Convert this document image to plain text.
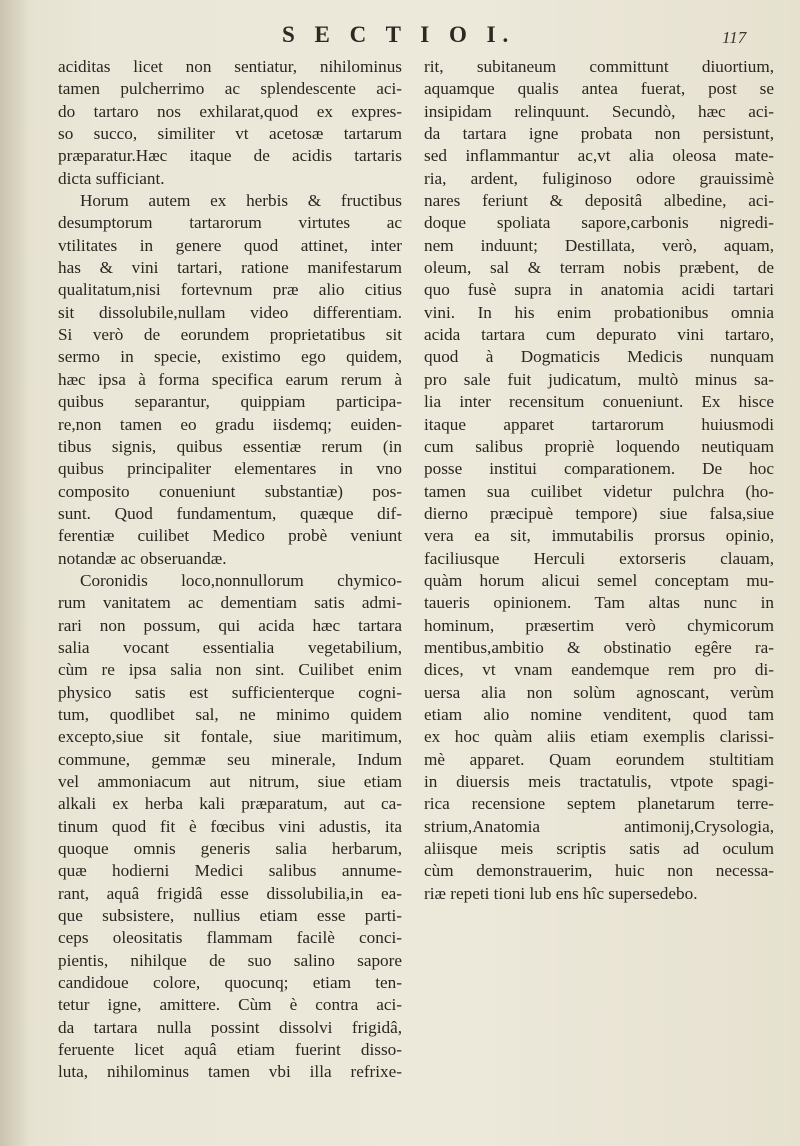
S E C T I O I.	117
aciditas licet non sentiatur, nihilominus
tamen pulcherrimo ac splendescente aci-
do tartaro nos exhilarat,quod ex expres-
so succo, similiter vt acetosæ tartarum
præparatur.Hæc itaque de acidis tartaris
dicta sufficiant.
Horum autem ex herbis & fructibus
desumptorum tartarorum virtutes ac
vtilitates in genere quod attinet, inter
has & vini tartari, ratione manifestarum
qualitatum,nisi fortevnum præ alio citius
sit dissolubile,nullam video differentiam.
Si verò de eorundem proprietatibus sit
sermo in specie, existimo ego quidem,
hæc ipsa à forma specifica earum rerum à
quibus separantur, quippiam participa-
re,non tamen eo gradu iisdemq; euiden-
tibus signis, quibus essentiæ rerum (in
quibus principaliter elementares in vno
composito conueniunt substantiæ) pos-
sunt. Quod fundamentum, quæque dif-
ferentiæ cuilibet Medico probè veniunt
notandæ ac obseruandæ.
Coronidis loco,nonnullorum chymico-
rum vanitatem ac dementiam satis admi-
rari non possum, qui acida hæc tartara
salia vocant essentialia vegetabilium,
cùm re ipsa salia non sint. Cuilibet enim
physico satis est sufficienterque cogni-
tum, quodlibet sal, ne minimo quidem
excepto,siue sit fontale, siue maritimum,
commune, gemmæ seu minerale, Indum
vel ammoniacum aut nitrum, siue etiam
alkali ex herba kali præparatum, aut ca-
tinum quod fit è fœcibus vini adustis, ita
quoque omnis generis salia herbarum,
quæ hodierni Medici salibus annume-
rant, aquâ frigidâ esse dissolubilia,in ea-
que subsistere, nullius etiam esse parti-
ceps oleositatis flammam facilè conci-
pientis, nihilque de suo salino sapore
candidoue colore, quocunq; etiam ten-
tetur igne, amittere. Cùm è contra aci-
da tartara nulla possint dissolvi frigidâ,
feruente licet aquâ etiam fuerint disso-
luta, nihilominus tamen vbi illa refrixe-
rit, subitaneum committunt diuortium,
aquamque qualis antea fuerat, post se
insipidam relinquunt. Secundò, hæc aci-
da tartara igne probata non persistunt,
sed inflammantur ac,vt alia oleosa mate-
ria, ardent, fuliginoso odore grauissimè
nares feriunt & depositâ albedine, aci-
doque spoliata sapore,carbonis nigredi-
nem induunt; Destillata, verò, aquam,
oleum, sal & terram nobis præbent, de
quo fusè supra in anatomia acidi tartari
vini. In his enim probationibus omnia
acida tartara cum depurato vini tartaro,
quod à Dogmaticis Medicis nunquam
pro sale fuit judicatum, multò minus sa-
lia inter recensitum conueniunt. Ex hisce
itaque apparet tartarorum huiusmodi
cum salibus propriè loquendo neutiquam
posse institui comparationem. De hoc
tamen sua cuilibet videtur pulchra (ho-
dierno præcipuè tempore) siue falsa,siue
vera ea sit, immutabilis prorsus opinio,
faciliusque Herculi extorseris clauam,
quàm horum alicui semel conceptam mu-
taueris opinionem. Tam altas nunc in
hominum, præsertim verò chymicorum
mentibus,ambitio & obstinatio egêre ra-
dices, vt vnam eandemque rem pro di-
uersa alia non solùm agnoscant, verùm
etiam alio nomine venditent, quod tam
ex hoc quàm aliis etiam exemplis clarissi-
mè apparet. Quam eorundem stultitiam
in diuersis meis tractatulis, vtpote spagi-
rica recensione septem planetarum terre-
strium,Anatomia antimonij,Crysologia,
aliisque meis scriptis satis ad oculum
cùm demonstrauerim, huic non necessa-
riæ repeti tioni lub ens hîc supersedebo.
